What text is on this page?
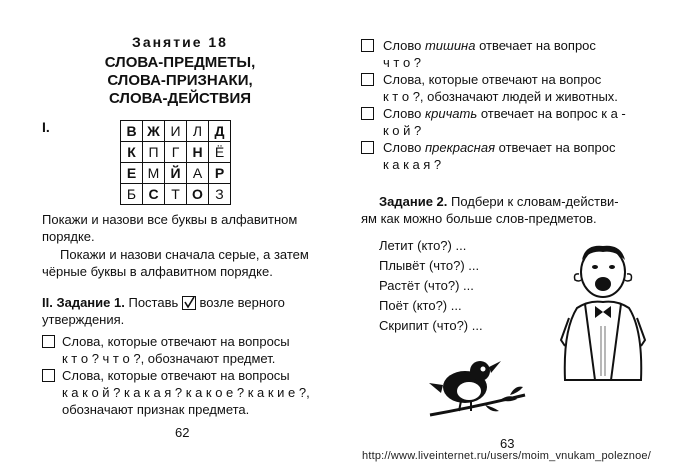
Занятие 18
СЛОВА-ПРЕДМЕТЫ,
СЛОВА-ПРИЗНАКИ,
СЛОВА-ДЕЙСТВИЯ
I.	В	Ж	И	Л	Д
К	П	Г	Н	Ё
Е	М	Й	А	Р
Б	С	Т	О	З
Покажи и назови все буквы в алфавитном
порядке.
Покажи и назови сначала серые, а затем
чёрные буквы в алфавитном порядке.
II. Задание 1. Поставь возле верного
утверждения.
Слова, которые отвечают на вопросы
к т о ? ч т о ?, обозначают предмет.
Слова, которые отвечают на вопросы
к а к о й ? к а к а я ? к а к о е ? к а к и е ?,
обозначают признак предмета.
62
Слово тишина отвечает на вопрос
ч т о ?
Слова, которые отвечают на вопрос
к т о ?, обозначают людей и животных.
Слово кричать отвечает на вопрос к а -
к о й ?
Слово прекрасная отвечает на вопрос
к а к а я ?
Задание 2. Подбери к словам-действи-
ям как можно больше слов-предметов.
Летит (кто?) ...
Плывёт (что?) ...
Растёт (что?) ...
Поёт (кто?) ...
Скрипит (что?) ...
63
http://www.liveinternet.ru/users/moim_vnukam_poleznoe/
